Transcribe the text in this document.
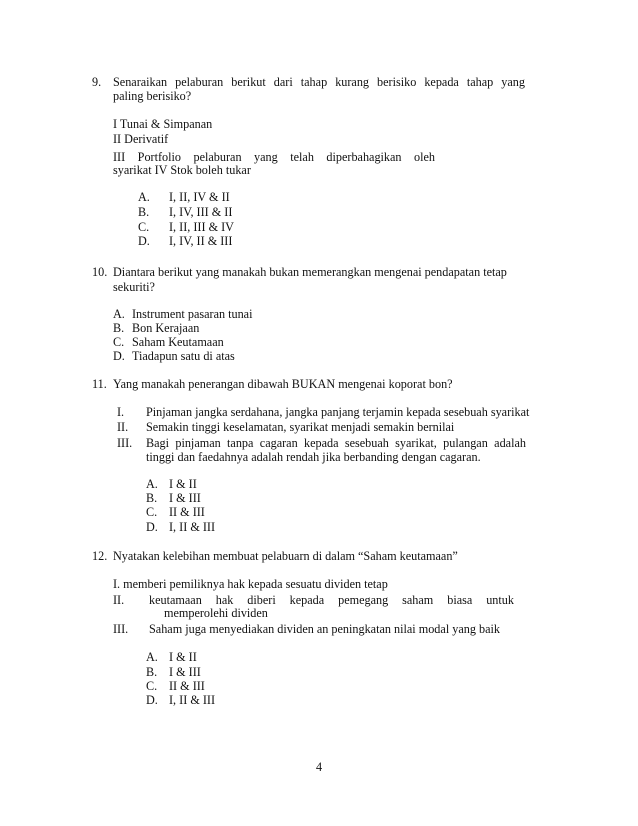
9. Senaraikan pelaburan berikut dari tahap kurang berisiko kepada tahap yang
paling berisiko?
I Tunai & Simpanan
II Derivatif
III Portfolio pelaburan yang telah diperbahagikan oleh
syarikat IV Stok boleh tukar
A. I, II, IV & II
B. I, IV, III & II
C. I, II, III & IV
D. I, IV, II & III
10. Diantara berikut yang manakah bukan memerangkan mengenai pendapatan tetap
sekuriti?
A. Instrument pasaran tunai
B. Bon Kerajaan
C. Saham Keutamaan
D. Tiadapun satu di atas
11. Yang manakah penerangan dibawah BUKAN mengenai koporat bon?
I. Pinjaman jangka serdahana, jangka panjang terjamin kepada sesebuah syarikat
II. Semakin tinggi keselamatan, syarikat menjadi semakin bernilai
III. Bagi pinjaman tanpa cagaran kepada sesebuah syarikat, pulangan adalah
tinggi dan faedahnya adalah rendah jika berbanding dengan cagaran.
A. I & II
B. I & III
C. II & III
D. I, II & III
12. Nyatakan kelebihan membuat pelabuarn di dalam “Saham keutamaan”
I. memberi pemiliknya hak kepada sesuatu dividen tetap
II. keutamaan hak diberi kepada pemegang saham biasa untuk
memperolehi dividen
III. Saham juga menyediakan dividen an peningkatan nilai modal yang baik
A. I & II
B. I & III
C. II & III
D. I, II & III
4
